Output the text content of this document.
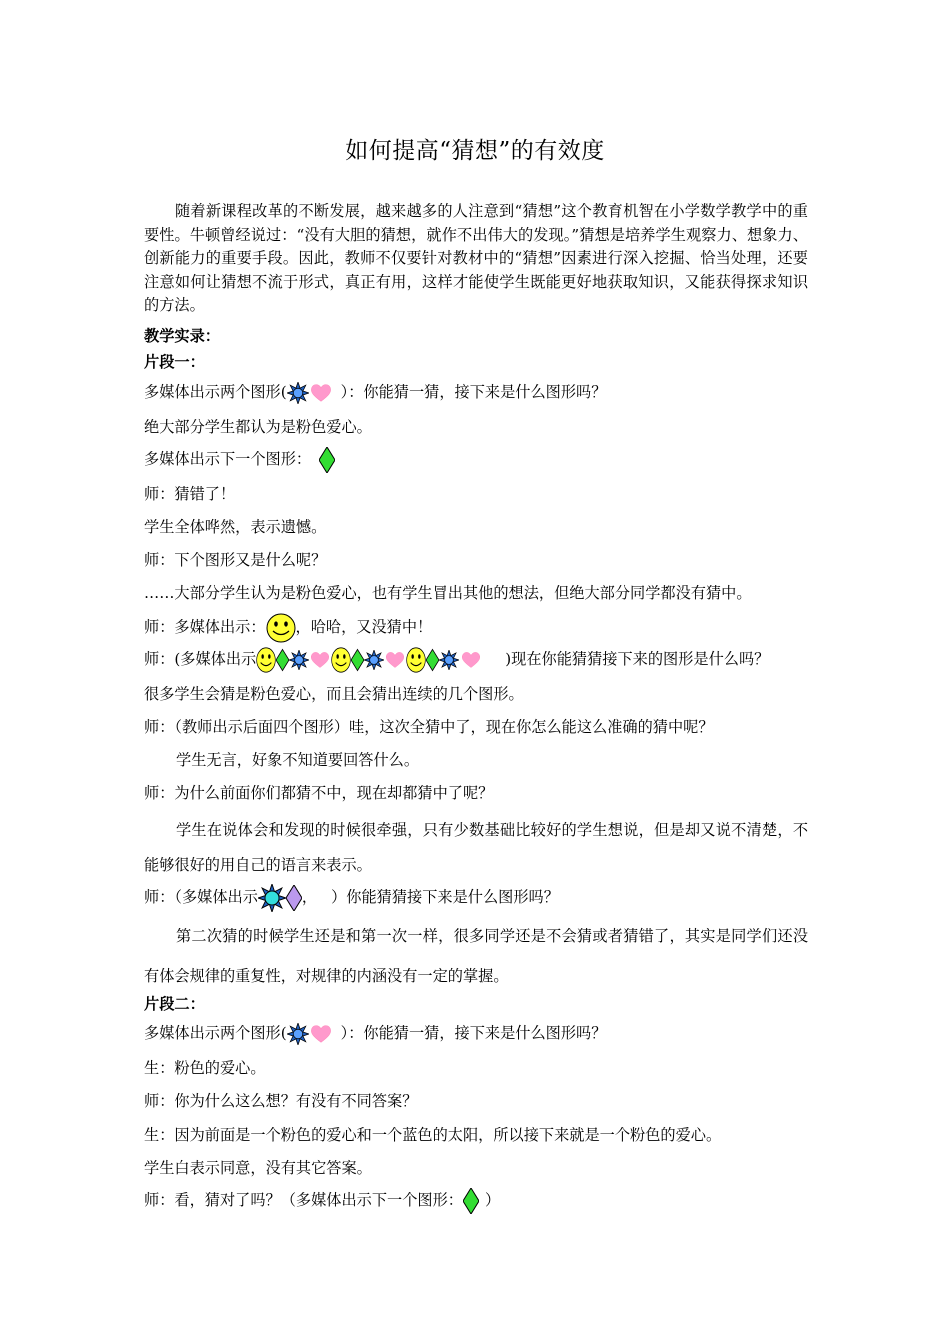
如何提高“猜想”的有效度
随着新课程改革的不断发展，越来越多的人注意到“猜想”这个教育机智在小学数学教学中的重要性。牛顿曾经说过：“没有大胆的猜想，就作不出伟大的发现。”猜想是培养学生观察力、想象力、创新能力的重要手段。因此，教师不仅要针对教材中的“猜想”因素进行深入挖掘、恰当处理，还要注意如何让猜想不流于形式，真正有用，这样才能使学生既能更好地获取知识，又能获得探求知识的方法。
教学实录：
片段一：
多媒体出示两个图形(	）：你能猜一猜，接下来是什么图形吗？
绝大部分学生都认为是粉色爱心。
多媒体出示下一个图形：
师：猜错了！
学生全体哗然，表示遗憾。
师：下个图形又是什么呢？
……大部分学生认为是粉色爱心，也有学生冒出其他的想法，但绝大部分同学都没有猜中。
师：多媒体出示： ，哈哈，又没猜中！
师：(多媒体出示	)现在你能猜猜接下来的图形是什么吗？
很多学生会猜是粉色爱心，而且会猜出连续的几个图形。
师：（教师出示后面四个图形）哇，这次全猜中了，现在你怎么能这么准确的猜中呢？
学生无言，好象不知道要回答什么。
师：为什么前面你们都猜不中，现在却都猜中了呢？
学生在说体会和发现的时候很牵强，只有少数基础比较好的学生想说，但是却又说不清楚，不能够很好的用自己的语言来表示。
师：（多媒体出示	， ）你能猜猜接下来是什么图形吗？
第二次猜的时候学生还是和第一次一样，很多同学还是不会猜或者猜错了，其实是同学们还没有体会规律的重复性，对规律的内涵没有一定的掌握。
片段二：
多媒体出示两个图形(	）：你能猜一猜，接下来是什么图形吗？
生：粉色的爱心。
师：你为什么这么想？有没有不同答案？
生：因为前面是一个粉色的爱心和一个蓝色的太阳，所以接下来就是一个粉色的爱心。
学生白表示同意，没有其它答案。
师：看，猜对了吗？（多媒体出示下一个图形： ）
